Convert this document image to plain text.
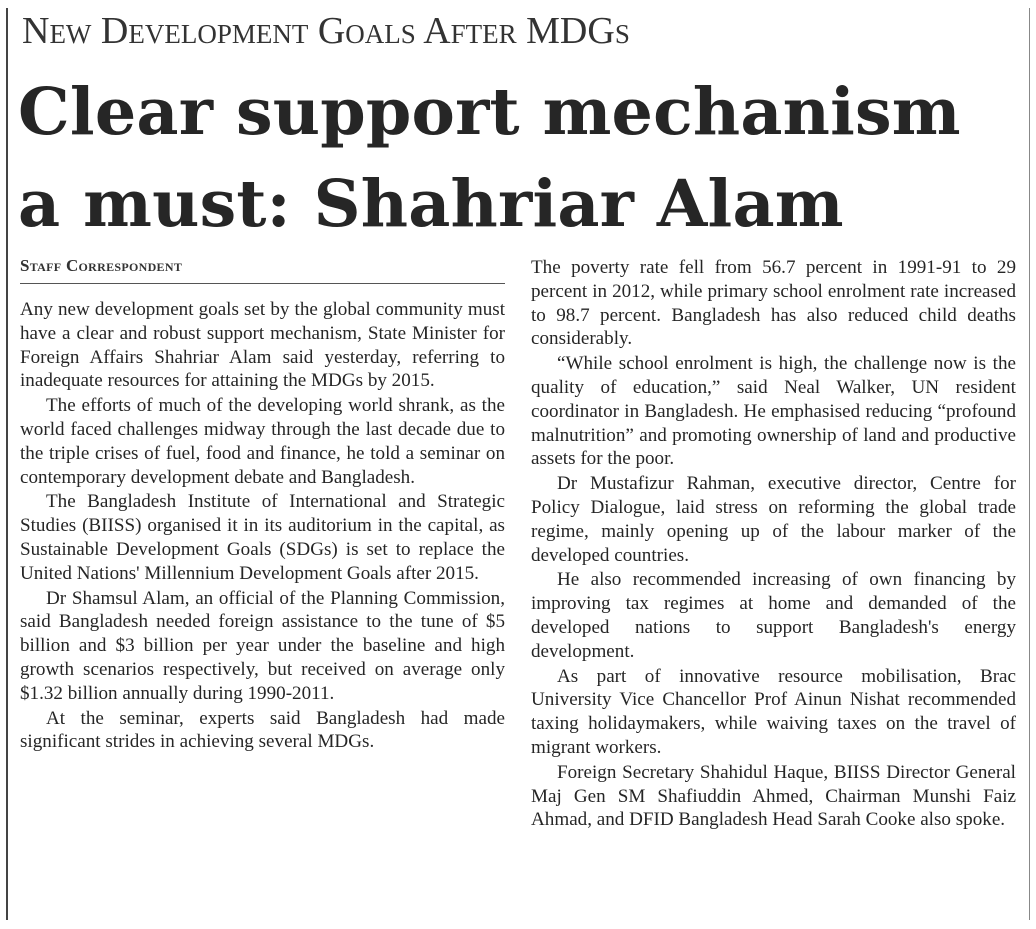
New Development Goals After MDGs
Clear support mechanism
a must: Shahriar Alam
Staff Correspondent

Any new development goals set by the global community must have a clear and robust support mechanism, State Minister for Foreign Affairs Shahriar Alam said yesterday, referring to inadequate resources for attaining the MDGs by 2015.

The efforts of much of the developing world shrank, as the world faced challenges midway through the last decade due to the triple crises of fuel, food and finance, he told a seminar on contemporary development debate and Bangladesh.

The Bangladesh Institute of International and Strategic Studies (BIISS) organised it in its auditorium in the capital, as Sustainable Development Goals (SDGs) is set to replace the United Nations' Millennium Development Goals after 2015.

Dr Shamsul Alam, an official of the Planning Commission, said Bangladesh needed foreign assistance to the tune of $5 billion and $3 billion per year under the baseline and high growth scenarios respectively, but received on average only $1.32 billion annually during 1990-2011.

At the seminar, experts said Bangladesh had made significant strides in achieving several MDGs.

The poverty rate fell from 56.7 percent in 1991-91 to 29 percent in 2012, while primary school enrolment rate increased to 98.7 percent. Bangladesh has also reduced child deaths considerably.

“While school enrolment is high, the challenge now is the quality of education,” said Neal Walker, UN resident coordinator in Bangladesh. He emphasised reducing “profound malnutrition” and promoting ownership of land and productive assets for the poor.

Dr Mustafizur Rahman, executive director, Centre for Policy Dialogue, laid stress on reforming the global trade regime, mainly opening up of the labour marker of the developed countries.

He also recommended increasing of own financing by improving tax regimes at home and demanded of the developed nations to support Bangladesh's energy development.

As part of innovative resource mobilisation, Brac University Vice Chancellor Prof Ainun Nishat recommended taxing holidaymakers, while waiving taxes on the travel of migrant workers.

Foreign Secretary Shahidul Haque, BIISS Director General Maj Gen SM Shafiuddin Ahmed, Chairman Munshi Faiz Ahmad, and DFID Bangladesh Head Sarah Cooke also spoke.
